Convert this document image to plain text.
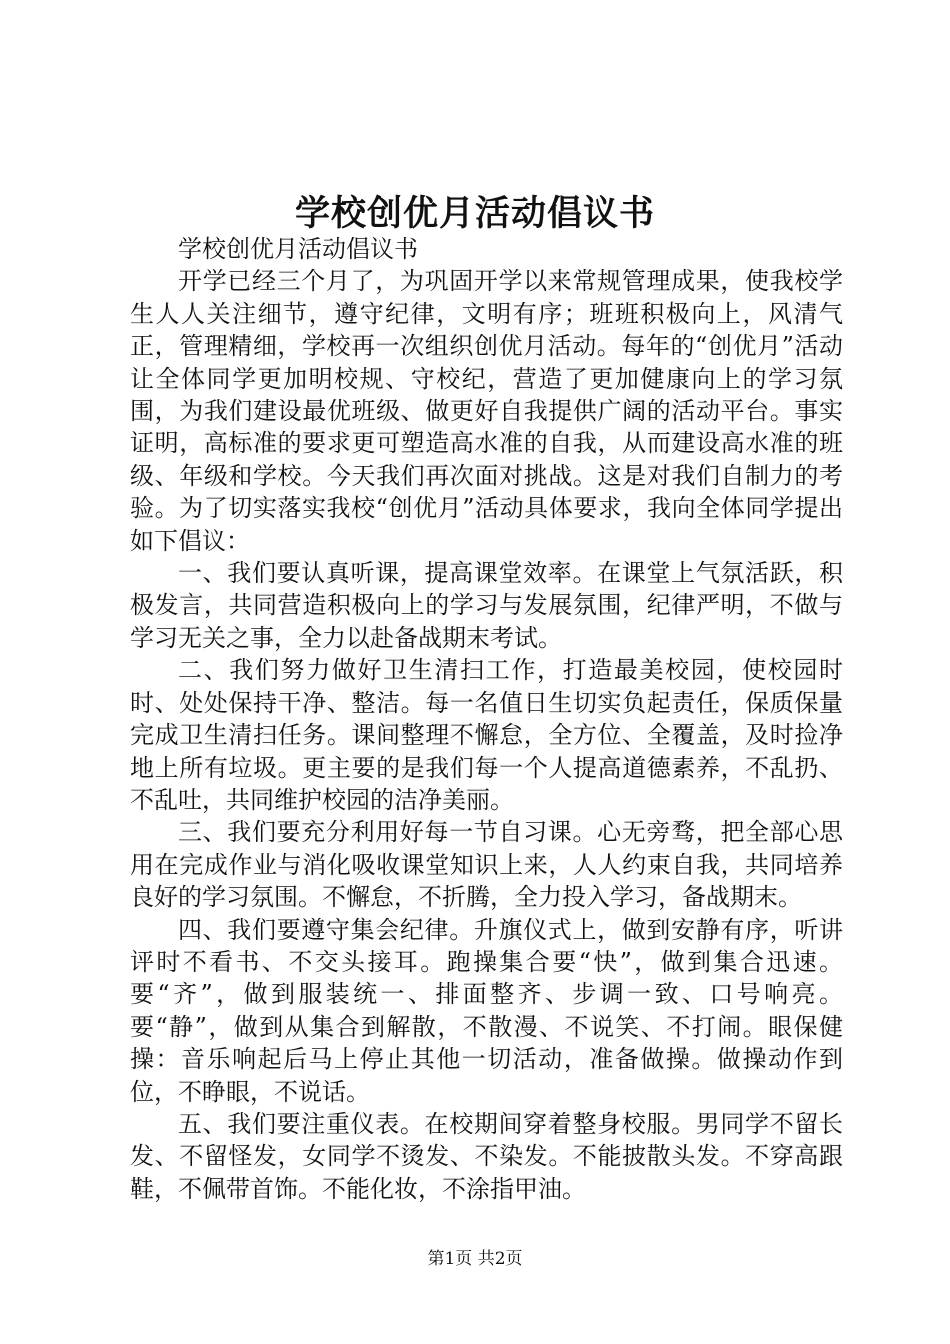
学校创优月活动倡议书

学校创优月活动倡议书

开学已经三个月了，为巩固开学以来常规管理成果，使我校学生人人关注细节，遵守纪律，文明有序；班班积极向上，风清气正，管理精细，学校再一次组织创优月活动。每年的“创优月”活动让全体同学更加明校规、守校纪，营造了更加健康向上的学习氛围，为我们建设最优班级、做更好自我提供广阔的活动平台。事实证明，高标准的要求更可塑造高水准的自我，从而建设高水准的班级、年级和学校。今天我们再次面对挑战。这是对我们自制力的考验。为了切实落实我校“创优月”活动具体要求，我向全体同学提出如下倡议：

一、我们要认真听课，提高课堂效率。在课堂上气氛活跃，积极发言，共同营造积极向上的学习与发展氛围，纪律严明，不做与学习无关之事，全力以赴备战期末考试。

二、我们努力做好卫生清扫工作，打造最美校园，使校园时时、处处保持干净、整洁。每一名值日生切实负起责任，保质保量完成卫生清扫任务。课间整理不懈怠，全方位、全覆盖，及时捡净地上所有垃圾。更主要的是我们每一个人提高道德素养，不乱扔、不乱吐，共同维护校园的洁净美丽。

三、我们要充分利用好每一节自习课。心无旁骛，把全部心思用在完成作业与消化吸收课堂知识上来，人人约束自我，共同培养良好的学习氛围。不懈怠，不折腾，全力投入学习，备战期末。

四、我们要遵守集会纪律。升旗仪式上，做到安静有序，听讲评时不看书、不交头接耳。跑操集合要“快”，做到集合迅速。要“齐”，做到服装统一、排面整齐、步调一致、口号响亮。要“静”，做到从集合到解散，不散漫、不说笑、不打闹。眼保健操：音乐响起后马上停止其他一切活动，准备做操。做操动作到位，不睁眼，不说话。

五、我们要注重仪表。在校期间穿着整身校服。男同学不留长发、不留怪发，女同学不烫发、不染发。不能披散头发。不穿高跟鞋，不佩带首饰。不能化妆，不涂指甲油。

第1页 共2页
